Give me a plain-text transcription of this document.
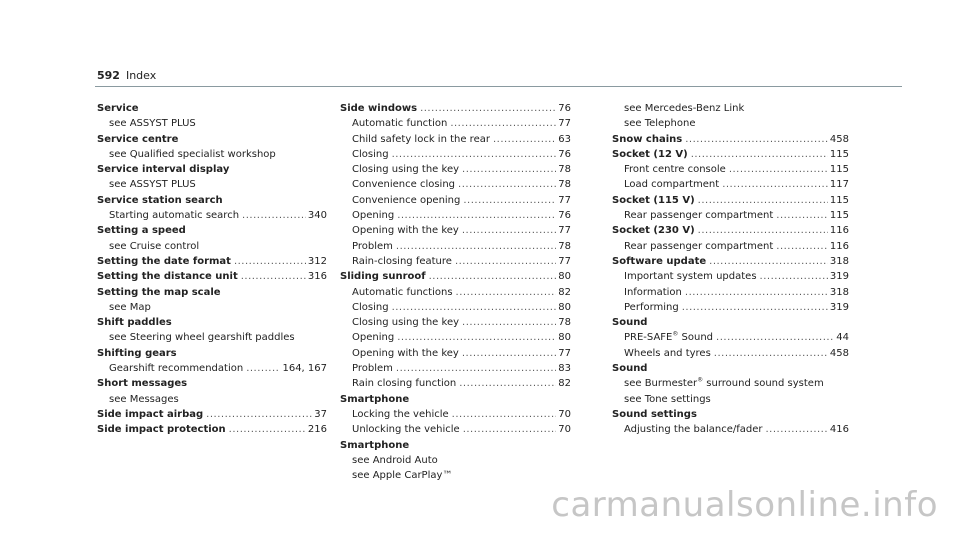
592 Index
Service
see ASSYST PLUS
Service centre
see Qualified specialist workshop
Service interval display
see ASSYST PLUS
Service station search
Starting automatic search .....	340
Setting a speed
see Cruise control
Setting the date format .....	312
Setting the distance unit .....	316
Setting the map scale
see Map
Shift paddles
see Steering wheel gearshift paddles
Shifting gears
Gearshift recommendation .....	164, 167
Short messages
see Messages
Side impact airbag .....	37
Side impact protection .....	216
Side windows .....	76
Automatic function .....	77
Child safety lock in the rear .....	63
Closing .....	76
Closing using the key .....	78
Convenience closing .....	78
Convenience opening .....	77
Opening .....	76
Opening with the key .....	77
Problem .....	78
Rain-closing feature .....	77
Sliding sunroof .....	80
Automatic functions .....	82
Closing .....	80
Closing using the key .....	78
Opening .....	80
Opening with the key .....	77
Problem .....	83
Rain closing function .....	82
Smartphone
Locking the vehicle .....	70
Unlocking the vehicle .....	70
Smartphone
see Android Auto
see Apple CarPlay™
see Mercedes-Benz Link
see Telephone
Snow chains .....	458
Socket (12 V) .....	115
Front centre console .....	115
Load compartment .....	117
Socket (115 V) .....	115
Rear passenger compartment .....	115
Socket (230 V) .....	116
Rear passenger compartment .....	116
Software update .....	318
Important system updates .....	319
Information .....	318
Performing .....	319
Sound
PRE-SAFE® Sound .....	44
Wheels and tyres .....	458
Sound
see Burmester® surround sound system
see Tone settings
Sound settings
Adjusting the balance/fader .....	416
carmanualsonline.info
